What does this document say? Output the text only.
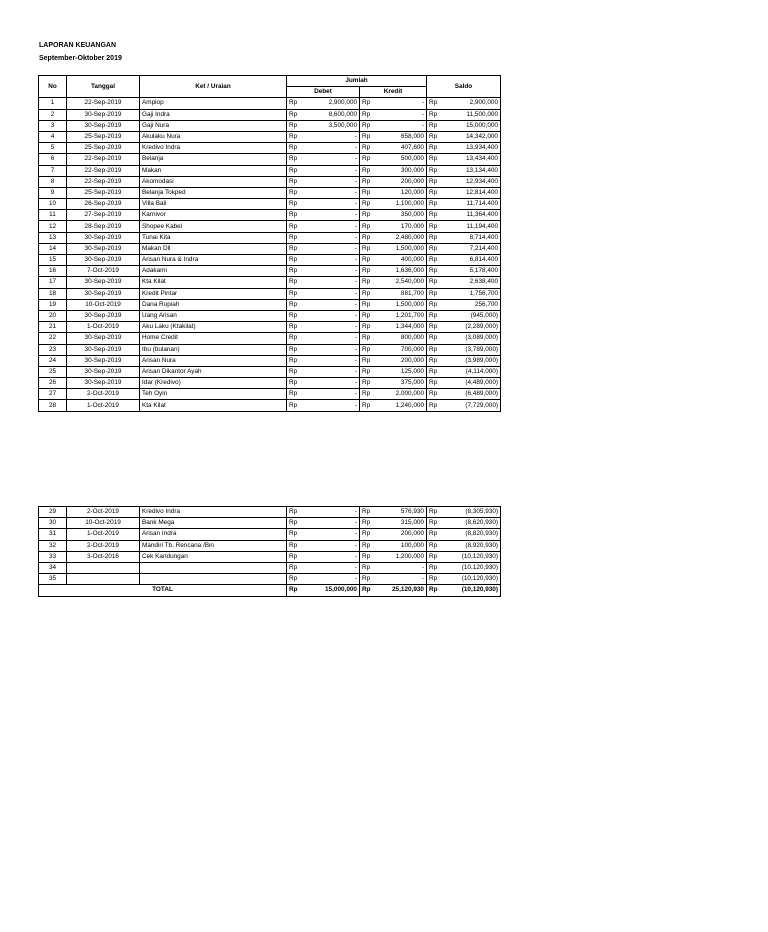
LAPORAN KEUANGAN
September-Oktober 2019
No	Tanggal	Ket / Uraian	Jumlah				Saldo	
			Debet		Kredit			
1	22-Sep-2019	Amplop	Rp	2,900,000	Rp	-	Rp	2,900,000
2	30-Sep-2019	Gaji Indra	Rp	8,600,000	Rp	-	Rp	11,500,000
3	30-Sep-2019	Gaji Nura	Rp	3,500,000	Rp	-	Rp	15,000,000
4	25-Sep-2019	Akulaku Nura	Rp	-	Rp	658,000	Rp	14,342,000
5	25-Sep-2019	Kredivo Indra	Rp	-	Rp	407,600	Rp	13,934,400
6	22-Sep-2019	Belanja	Rp	-	Rp	500,000	Rp	13,434,400
7	22-Sep-2019	Makan	Rp	-	Rp	300,000	Rp	13,134,400
8	22-Sep-2019	Akomodasi	Rp	-	Rp	200,000	Rp	12,934,400
9	25-Sep-2019	Belanja Tokped	Rp	-	Rp	120,000	Rp	12,814,400
10	26-Sep-2019	Villa Bali	Rp	-	Rp	1,100,000	Rp	11,714,400
11	27-Sep-2019	Karnivor	Rp	-	Rp	350,000	Rp	11,364,400
12	28-Sep-2019	Shopee Kabel	Rp	-	Rp	170,000	Rp	11,194,400
13	30-Sep-2019	Tunai Kita	Rp	-	Rp	2,480,000	Rp	8,714,400
14	30-Sep-2019	Makan Dll	Rp	-	Rp	1,500,000	Rp	7,214,400
15	30-Sep-2019	Arisan Nura & Indra	Rp	-	Rp	400,000	Rp	6,814,400
16	7-Oct-2019	Adakami	Rp	-	Rp	1,636,000	Rp	5,178,400
17	30-Sep-2019	Kta Kilat	Rp	-	Rp	2,540,000	Rp	2,638,400
18	30-Sep-2019	Kredit Pintar	Rp	-	Rp	881,700	Rp	1,756,700
19	10-Oct-2019	Dana Rupiah	Rp	-	Rp	1,500,000	Rp	256,700
20	30-Sep-2019	Uang Arisan	Rp	-	Rp	1,201,700	Rp	(945,000)
21	1-Oct-2019	Aku Laku (Ktakilat)	Rp	-	Rp	1,344,000	Rp	(2,289,000)
22	30-Sep-2019	Home Credit	Rp	-	Rp	800,000	Rp	(3,089,000)
23	30-Sep-2019	Ibu (bulanan)	Rp	-	Rp	700,000	Rp	(3,789,000)
24	30-Sep-2019	Arisan Nura	Rp	-	Rp	200,000	Rp	(3,989,000)
25	30-Sep-2019	Arisan Dikantor Ayah	Rp	-	Rp	125,000	Rp	(4,114,000)
26	30-Sep-2019	Idar (Kredivo)	Rp	-	Rp	375,000	Rp	(4,489,000)
27	2-Oct-2019	Teh Oyin	Rp	-	Rp	2,000,000	Rp	(6,489,000)
28	1-Oct-2019	Kta Kilat	Rp	-	Rp	1,240,000	Rp	(7,729,000)
29	2-Oct-2019	Kredivo Indra	Rp	-	Rp	576,930	Rp	(8,305,930)
30	10-Oct-2019	Bank Mega	Rp	-	Rp	315,000	Rp	(8,620,930)
31	1-Oct-2019	Arisan Indra	Rp	-	Rp	200,000	Rp	(8,820,930)
32	2-Oct-2019	Mandiri Tb. Rencana /Bin	Rp	-	Rp	100,000	Rp	(8,920,930)
33	3-Oct-2016	Cek Kandungan	Rp	-	Rp	1,200,000	Rp	(10,120,930)
34			Rp	-	Rp	-	Rp	(10,120,930)
35			Rp	-	Rp	-	Rp	(10,120,930)
TOTAL			Rp	15,000,000	Rp	25,120,930	Rp	(10,120,930)
